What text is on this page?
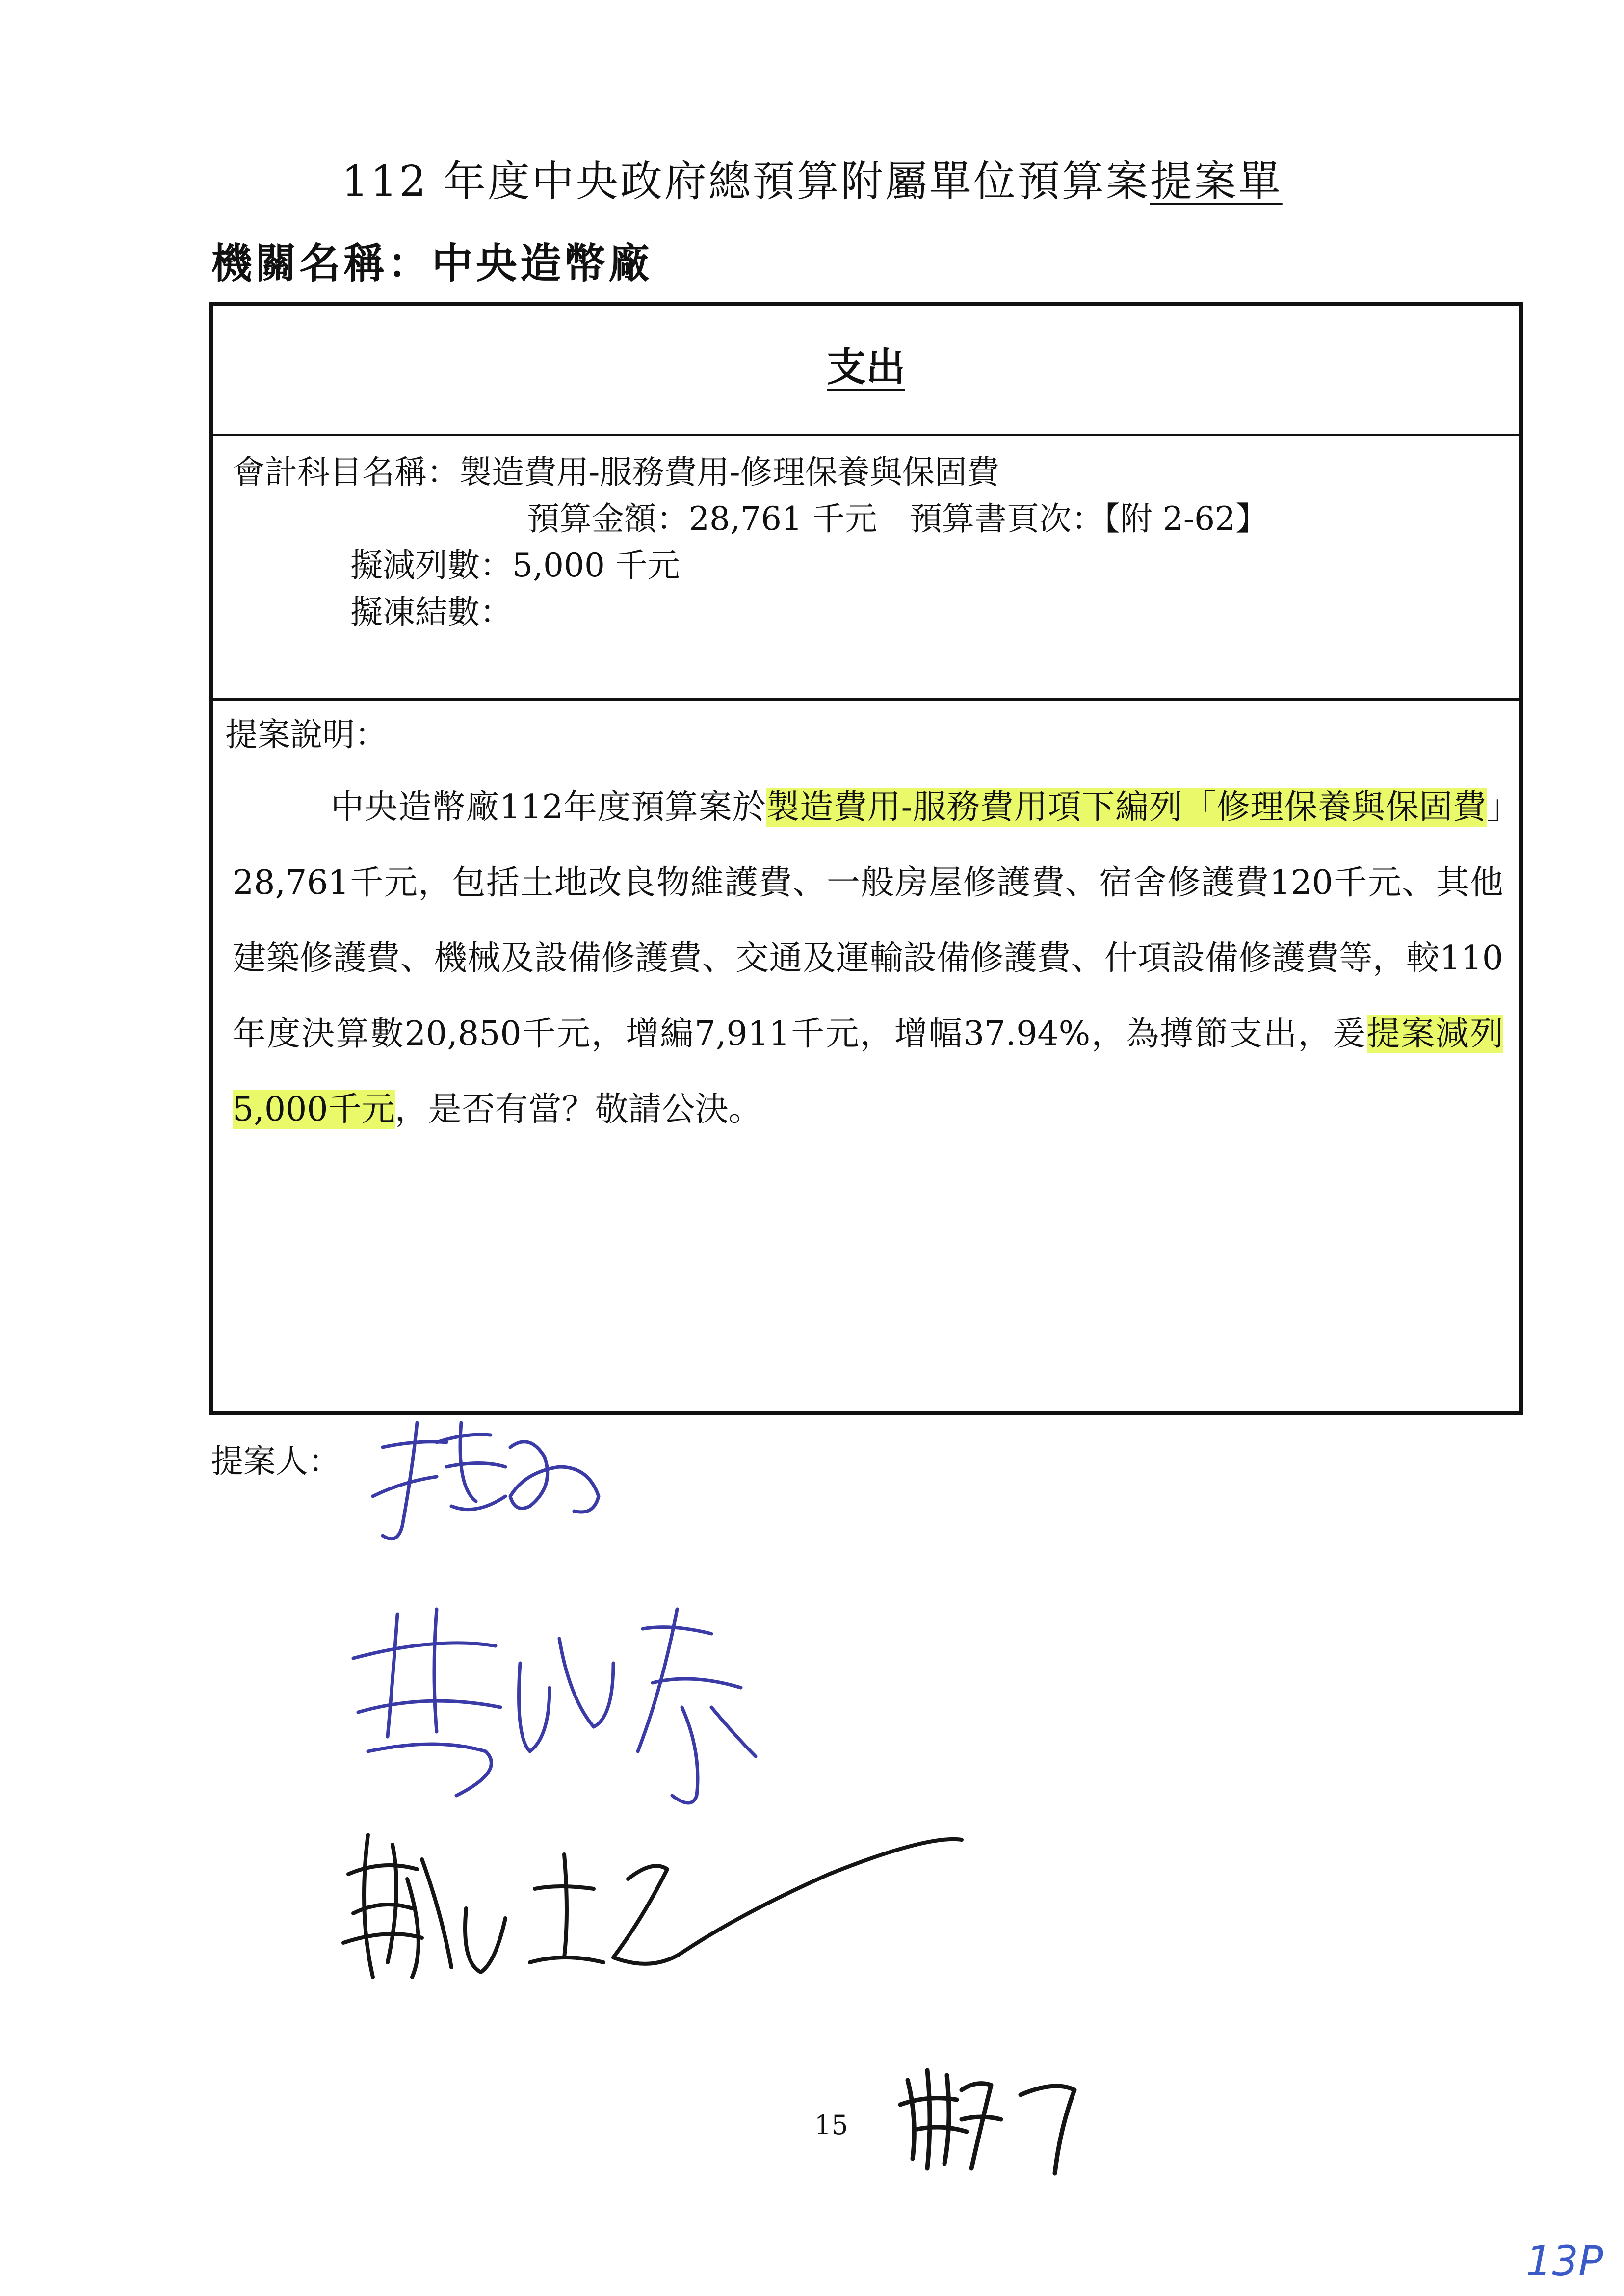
112 年度中央政府總預算附屬單位預算案提案單
機關名稱：中央造幣廠
支出
會計科目名稱：製造費用-服務費用-修理保養與保固費
預算金額：28,761 千元　預算書頁次：【附 2-62】
擬減列數：5,000 千元
擬凍結數：
提案說明：
中央造幣廠112年度預算案於製造費用-服務費用項下編列「修理保養與保固費」28,761千元，包括土地改良物維護費、一般房屋修護費、宿舍修護費120千元、其他建築修護費、機械及設備修護費、交通及運輸設備修護費、什項設備修護費等，較110年度決算數20,850千元，增編7,911千元，增幅37.94%，為撙節支出，爰提案減列5,000千元，是否有當？敬請公決。
提案人：
15
13P
